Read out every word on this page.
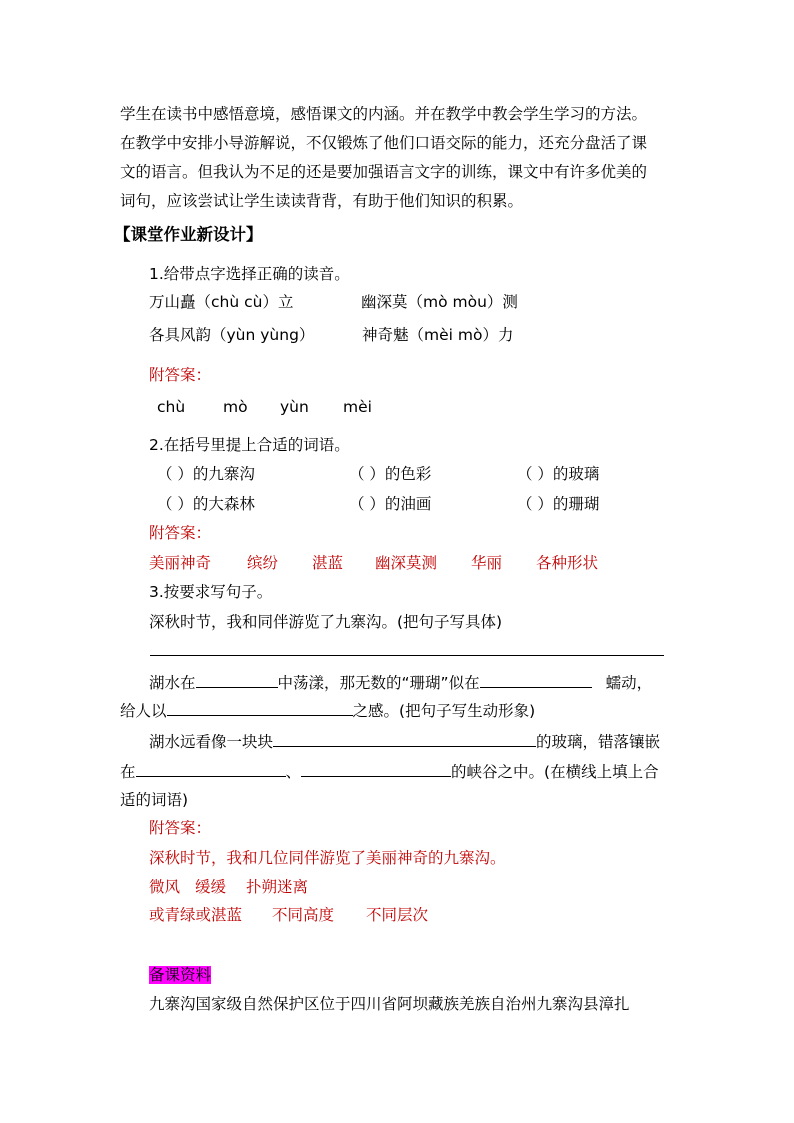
学生在读书中感悟意境，感悟课文的内涵。并在教学中教会学生学习的方法。
在教学中安排小导游解说，不仅锻炼了他们口语交际的能力，还充分盘活了课
文的语言。但我认为不足的还是要加强语言文字的训练，课文中有许多优美的
词句，应该尝试让学生读读背背，有助于他们知识的积累。
【课堂作业新设计】
1.给带点字选择正确的读音。
万山矗（chù cù）立	幽深莫（mò mòu）测
各具风韵（yùn yùng）	神奇魅（mèi mò）力
附答案：
chù mò yùn mèi
2.在括号里提上合适的词语。
（ ）的九寨沟	（ ）的色彩	（ ）的玻璃
（ ）的大森林	（ ）的油画	（ ）的珊瑚
附答案：
美丽神奇 缤纷 湛蓝 幽深莫测 华丽 各种形状
3.按要求写句子。
深秋时节，我和同伴游览了九寨沟。(把句子写具体)
湖水在	中荡漾，那无数的“珊瑚”似在	蠕动，
给人以	之感。(把句子写生动形象)
湖水远看像一块块	的玻璃，错落镶嵌
在	、	的峡谷之中。(在横线上填上合
适的词语)
附答案：
深秋时节，我和几位同伴游览了美丽神奇的九寨沟。
微风 缓缓 扑朔迷离
或青绿或湛蓝 不同高度 不同层次
备课资料
九寨沟国家级自然保护区位于四川省阿坝藏族羌族自治州九寨沟县漳扎
